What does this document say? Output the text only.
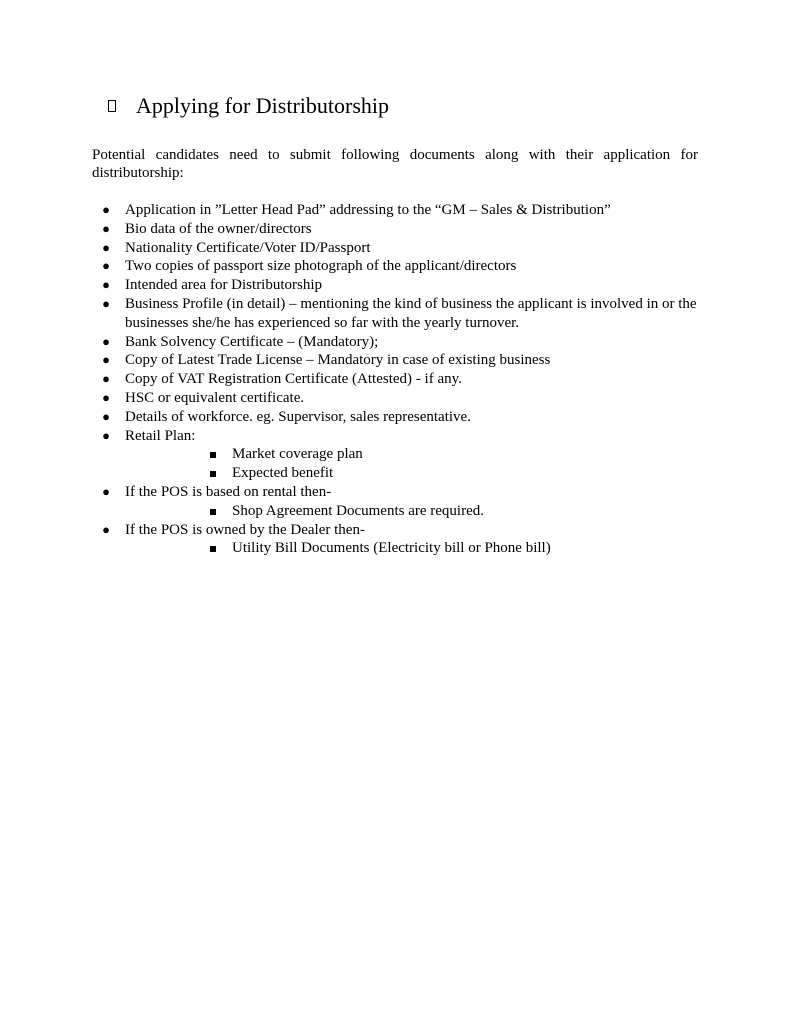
Applying for Distributorship

Potential candidates need to submit following documents along with their application for distributorship:

● Application in ”Letter Head Pad” addressing to the “GM – Sales & Distribution”
● Bio data of the owner/directors
● Nationality Certificate/Voter ID/Passport
● Two copies of passport size photograph of the applicant/directors
● Intended area for Distributorship
● Business Profile (in detail) – mentioning the kind of business the applicant is involved in or the businesses she/he has experienced so far with the yearly turnover.
● Bank Solvency Certificate – (Mandatory);
● Copy of Latest Trade License – Mandatory in case of existing business
● Copy of VAT Registration Certificate (Attested) - if any.
● HSC or equivalent certificate.
● Details of workforce. eg. Supervisor, sales representative.
● Retail Plan:
Market coverage plan
Expected benefit
● If the POS is based on rental then-
Shop Agreement Documents are required.
● If the POS is owned by the Dealer then-
Utility Bill Documents (Electricity bill or Phone bill)
